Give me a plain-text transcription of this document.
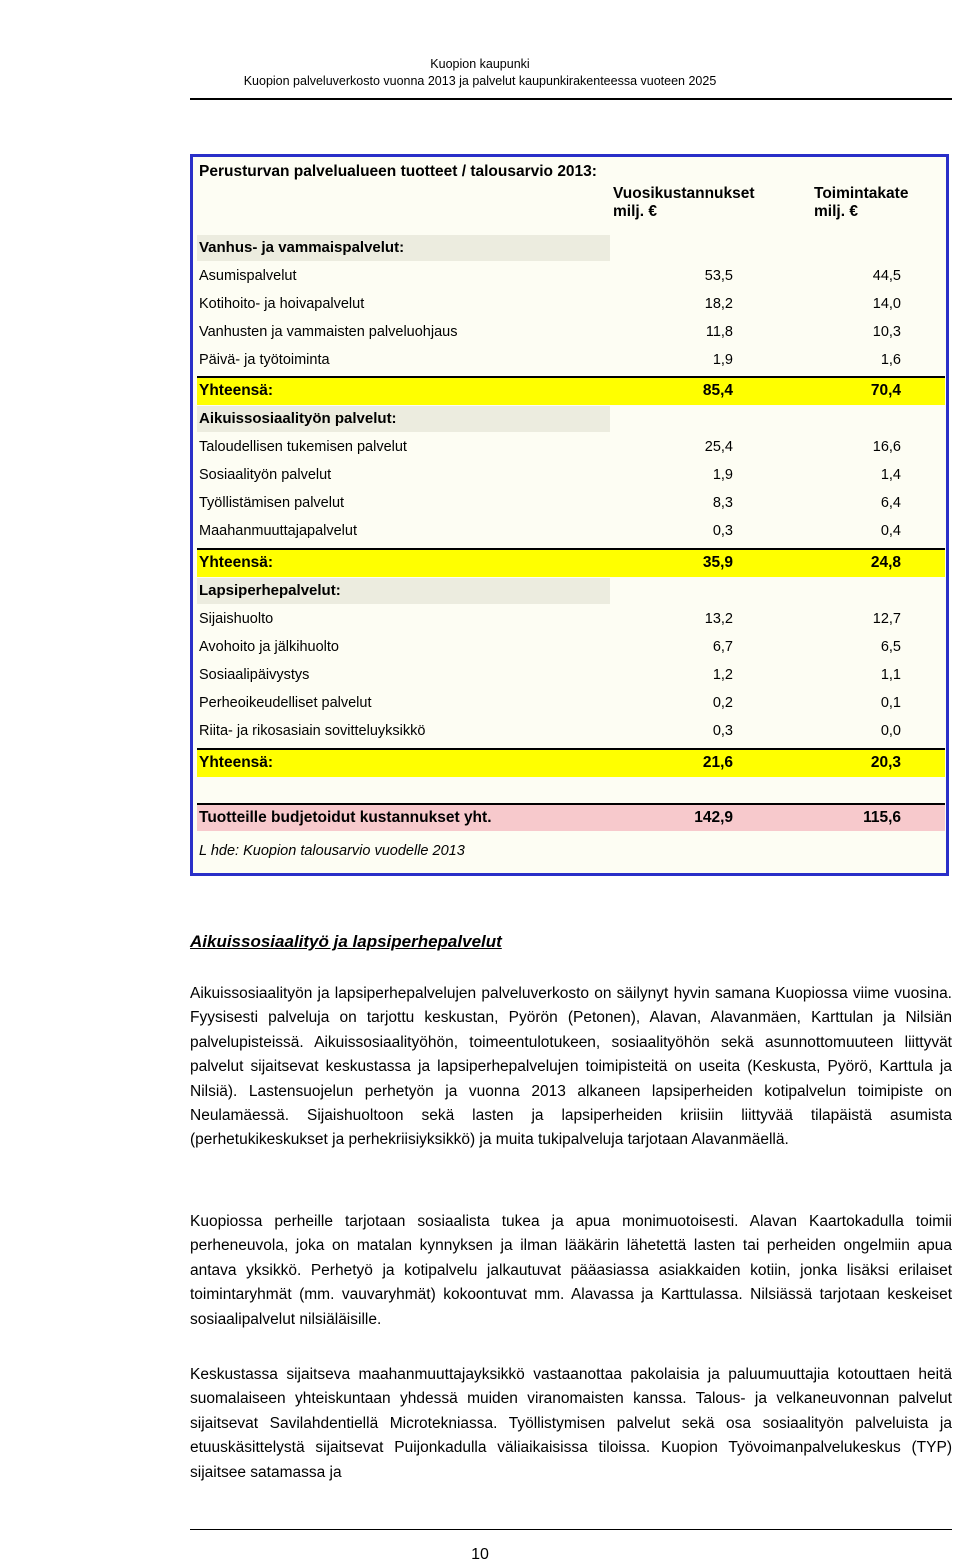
Kuopion kaupunki
Kuopion palveluverkosto vuonna 2013 ja palvelut kaupunkirakenteessa vuoteen 2025
Perusturvan palvelualueen tuotteet / talousarvio 2013:
Vuosikustannukset
milj. €
Toimintakate
milj. €
Vanhus- ja vammaispalvelut:
Asumispalvelut	53,5	44,5
Kotihoito- ja hoivapalvelut	18,2	14,0
Vanhusten ja vammaisten palveluohjaus	11,8	10,3
Päivä- ja työtoiminta	1,9	1,6
Yhteensä:	85,4	70,4
Aikuissosiaalityön palvelut:
Taloudellisen tukemisen palvelut	25,4	16,6
Sosiaalityön palvelut	1,9	1,4
Työllistämisen palvelut	8,3	6,4
Maahanmuuttajapalvelut	0,3	0,4
Yhteensä:	35,9	24,8
Lapsiperhepalvelut:
Sijaishuolto	13,2	12,7
Avohoito ja jälkihuolto	6,7	6,5
Sosiaalipäivystys	1,2	1,1
Perheoikeudelliset palvelut	0,2	0,1
Riita- ja rikosasiain sovitteluyksikkö	0,3	0,0
Yhteensä:	21,6	20,3
Tuotteille budjetoidut kustannukset yht.	142,9	115,6
L hde: Kuopion talousarvio vuodelle 2013
Aikuissosiaalityö ja lapsiperhepalvelut
Aikuissosiaalityön ja lapsiperhepalvelujen palveluverkosto on säilynyt hyvin samana Kuopiossa viime vuosina. Fyysisesti palveluja on tarjottu keskustan, Pyörön (Petonen), Alavan, Alavanmäen, Karttulan ja Nilsiän palvelupisteissä. Aikuissosiaalityöhön, toimeentulotukeen, sosiaalityöhön sekä asunnottomuuteen liittyvät palvelut sijaitsevat keskustassa ja lapsiperhepalvelujen toimipisteitä on useita (Keskusta, Pyörö, Karttula ja Nilsiä). Lastensuojelun perhetyön ja vuonna 2013 alkaneen lapsiperheiden kotipalvelun toimipiste on Neulamäessä. Sijaishuoltoon sekä lasten ja lapsiperheiden kriisiin liittyvää tilapäistä asumista (perhetukikeskukset ja perhekriisiyksikkö) ja muita tukipalveluja tarjotaan Alavanmäellä.
Kuopiossa perheille tarjotaan sosiaalista tukea ja apua monimuotoisesti. Alavan Kaartokadulla toimii perheneuvola, joka on matalan kynnyksen ja ilman lääkärin lähetettä lasten tai perheiden ongelmiin apua antava yksikkö. Perhetyö ja kotipalvelu jalkautuvat pääasiassa asiakkaiden kotiin, jonka lisäksi erilaiset toimintaryhmät (mm. vauvaryhmät) kokoontuvat mm. Alavassa ja Karttulassa. Nilsiässä tarjotaan keskeiset sosiaalipalvelut nilsiäläisille.
Keskustassa sijaitseva maahanmuuttajayksikkö vastaanottaa pakolaisia ja paluumuuttajia kotouttaen heitä suomalaiseen yhteiskuntaan yhdessä muiden viranomaisten kanssa. Talous- ja velkaneuvonnan palvelut sijaitsevat Savilahdentiellä Microtekniassa. Työllistymisen palvelut sekä osa sosiaalityön palveluista ja etuuskäsittelystä sijaitsevat Puijonkadulla väliaikaisissa tiloissa. Kuopion Työvoimanpalvelukeskus (TYP) sijaitsee satamassa ja
10
